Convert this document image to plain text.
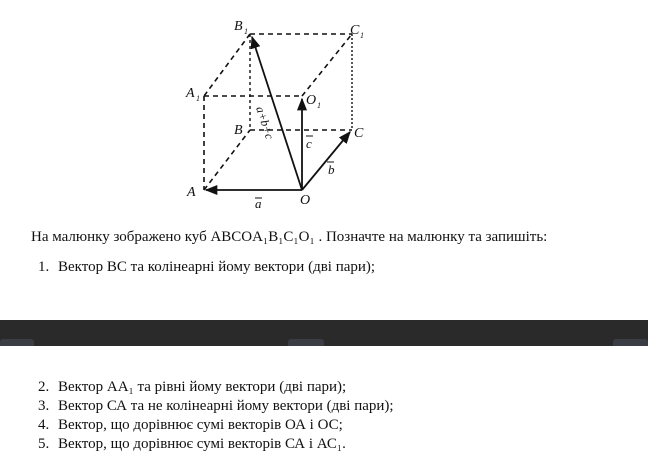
B 1	C 1
A 1	O 1
B	C
A
O
a
b
c
a+b+c
На малюнку зображено куб ABCOA₁B₁C₁O₁ . Позначте на малюнку та запишіть:
1. Вектор ВС та колінеарні йому вектори (дві пари);
2. Вектор АА₁ та рівні йому вектори (дві пари);
3. Вектор СА та не колінеарні йому вектори (дві пари);
4. Вектор, що дорівнює сумі векторів ОА і ОС;
5. Вектор, що дорівнює сумі векторів СА і АС₁.
